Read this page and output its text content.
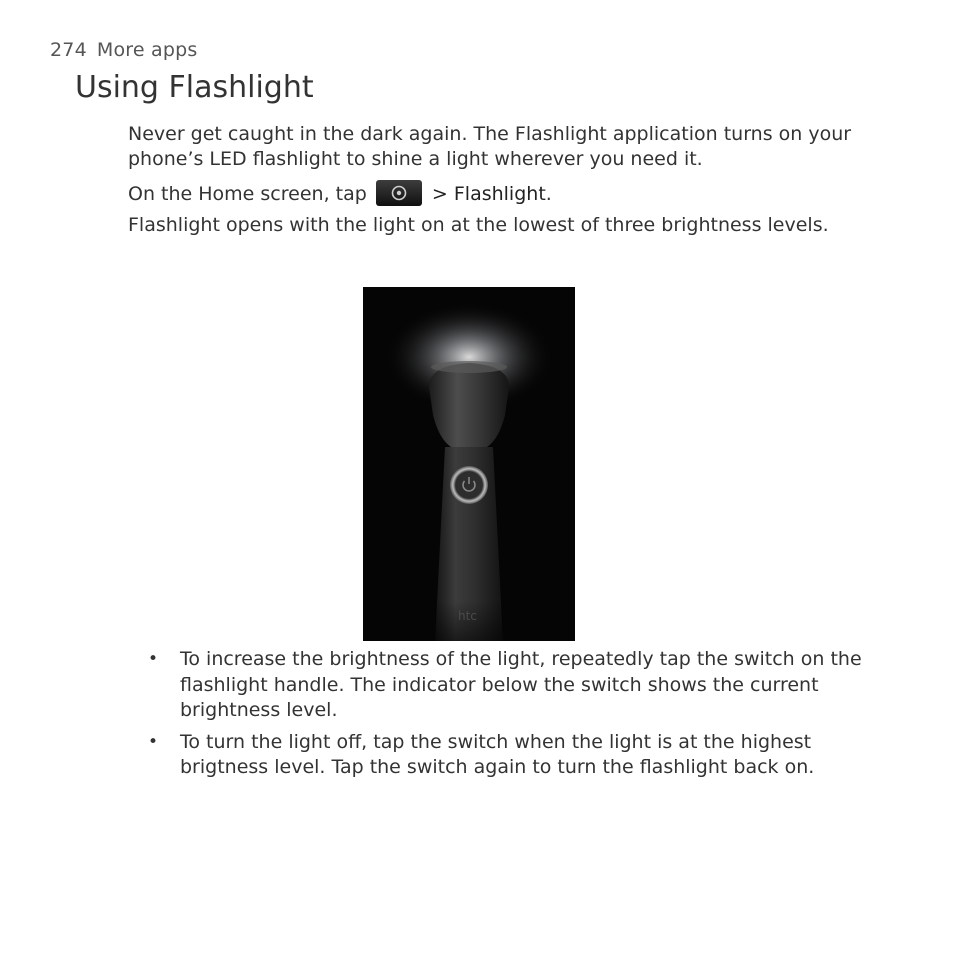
274 More apps
Using Flashlight

Never get caught in the dark again. The Flashlight application turns on your phone’s LED flashlight to shine a light wherever you need it.

On the Home screen, tap	> Flashlight.

Flashlight opens with the light on at the lowest of three brightness levels.

htc
• To increase the brightness of the light, repeatedly tap the switch on the flashlight handle. The indicator below the switch shows the current brightness level.
• To turn the light off, tap the switch when the light is at the highest brigtness level. Tap the switch again to turn the flashlight back on.
